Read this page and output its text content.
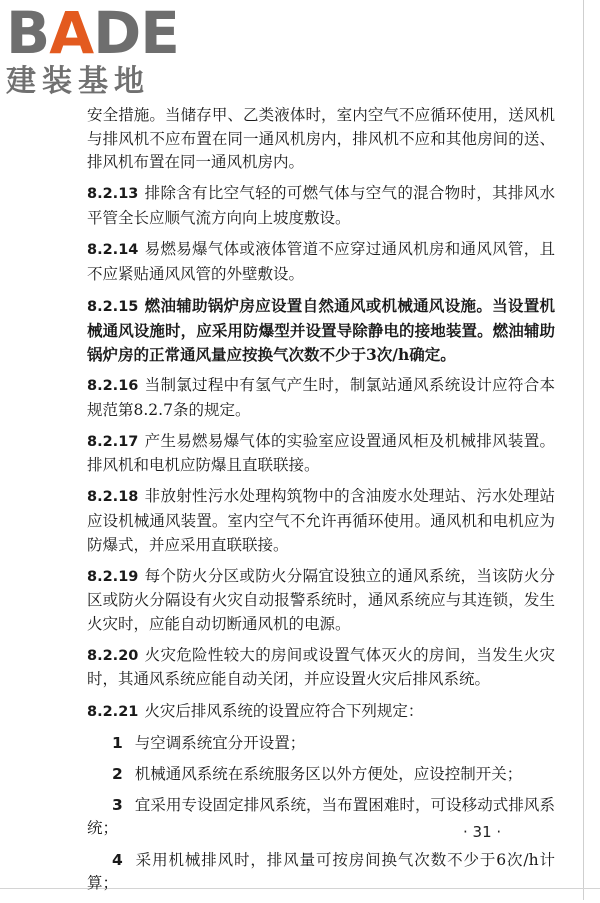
BADE
建装基地

安全措施。当储存甲、乙类液体时，室内空气不应循环使用，送风机与排风机不应布置在同一通风机房内，排风机不应和其他房间的送、排风机布置在同一通风机房内。

8.2.13 排除含有比空气轻的可燃气体与空气的混合物时，其排风水平管全长应顺气流方向向上坡度敷设。

8.2.14 易燃易爆气体或液体管道不应穿过通风机房和通风风管，且不应紧贴通风风管的外壁敷设。

8.2.15 燃油辅助锅炉房应设置自然通风或机械通风设施。当设置机械通风设施时，应采用防爆型并设置导除静电的接地装置。燃油辅助锅炉房的正常通风量应按换气次数不少于3次/h确定。

8.2.16 当制氯过程中有氢气产生时，制氯站通风系统设计应符合本规范第8.2.7条的规定。

8.2.17 产生易燃易爆气体的实验室应设置通风柜及机械排风装置。排风机和电机应防爆且直联联接。

8.2.18 非放射性污水处理构筑物中的含油废水处理站、污水处理站应设机械通风装置。室内空气不允许再循环使用。通风机和电机应为防爆式，并应采用直联联接。

8.2.19 每个防火分区或防火分隔宜设独立的通风系统，当该防火分区或防火分隔设有火灾自动报警系统时，通风系统应与其连锁，发生火灾时，应能自动切断通风机的电源。

8.2.20 火灾危险性较大的房间或设置气体灭火的房间，当发生火灾时，其通风系统应能自动关闭，并应设置火灾后排风系统。

8.2.21 火灾后排风系统的设置应符合下列规定：

1 与空调系统宜分开设置；

2 机械通风系统在系统服务区以外方便处，应设控制开关；

3 宜采用专设固定排风系统，当布置困难时，可设移动式排风系统；

4 采用机械排风时，排风量可按房间换气次数不少于6次/h计算；

· 31 ·
